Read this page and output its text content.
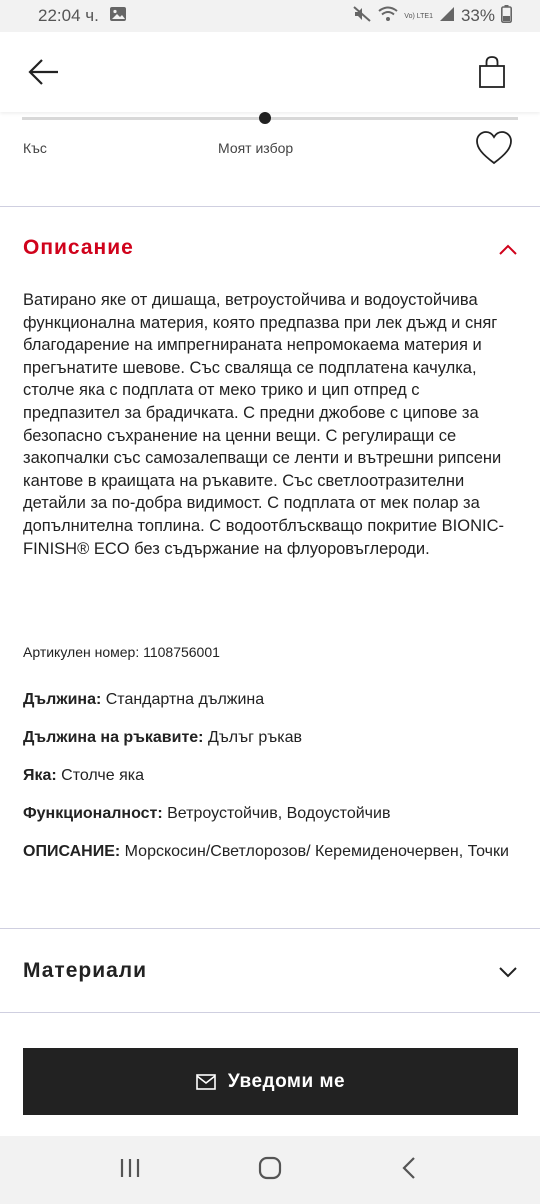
22:04 ч.	Vo) LTE1 33%
Къс	Моят избор
Описание
Ватирано яке от дишаща, ветроустойчива и водоустойчива функционална материя, която предпазва при лек дъжд и сняг благодарение на импрегнираната непромокаема материя и прегънатите шевове. Със сваляща се подплатена качулка, столче яка с подплата от меко трико и цип отпред с предпазител за брадичката. С предни джобове с ципове за безопасно съхранение на ценни вещи. С регулиращи се закопчалки със самозалепващи се ленти и вътрешни рипсени кантове в краищата на ръкавите. Със светлоотразителни детайли за по-добра видимост. С подплата от мек полар за допълнителна топлина. С водоотблъскващо покритие BIONIC-FINISH® ECO без съдържание на флуоровъглероди.
Артикулен номер: 1108756001
Дължина: Стандартна дължина
Дължина на ръкавите: Дълъг ръкав
Яка: Столче яка
Функционалност: Ветроустойчив, Водоустойчив
ОПИСАНИЕ: Морскосин/Светлорозов/ Керемиденочервен, Точки
Материали
Уведоми ме
